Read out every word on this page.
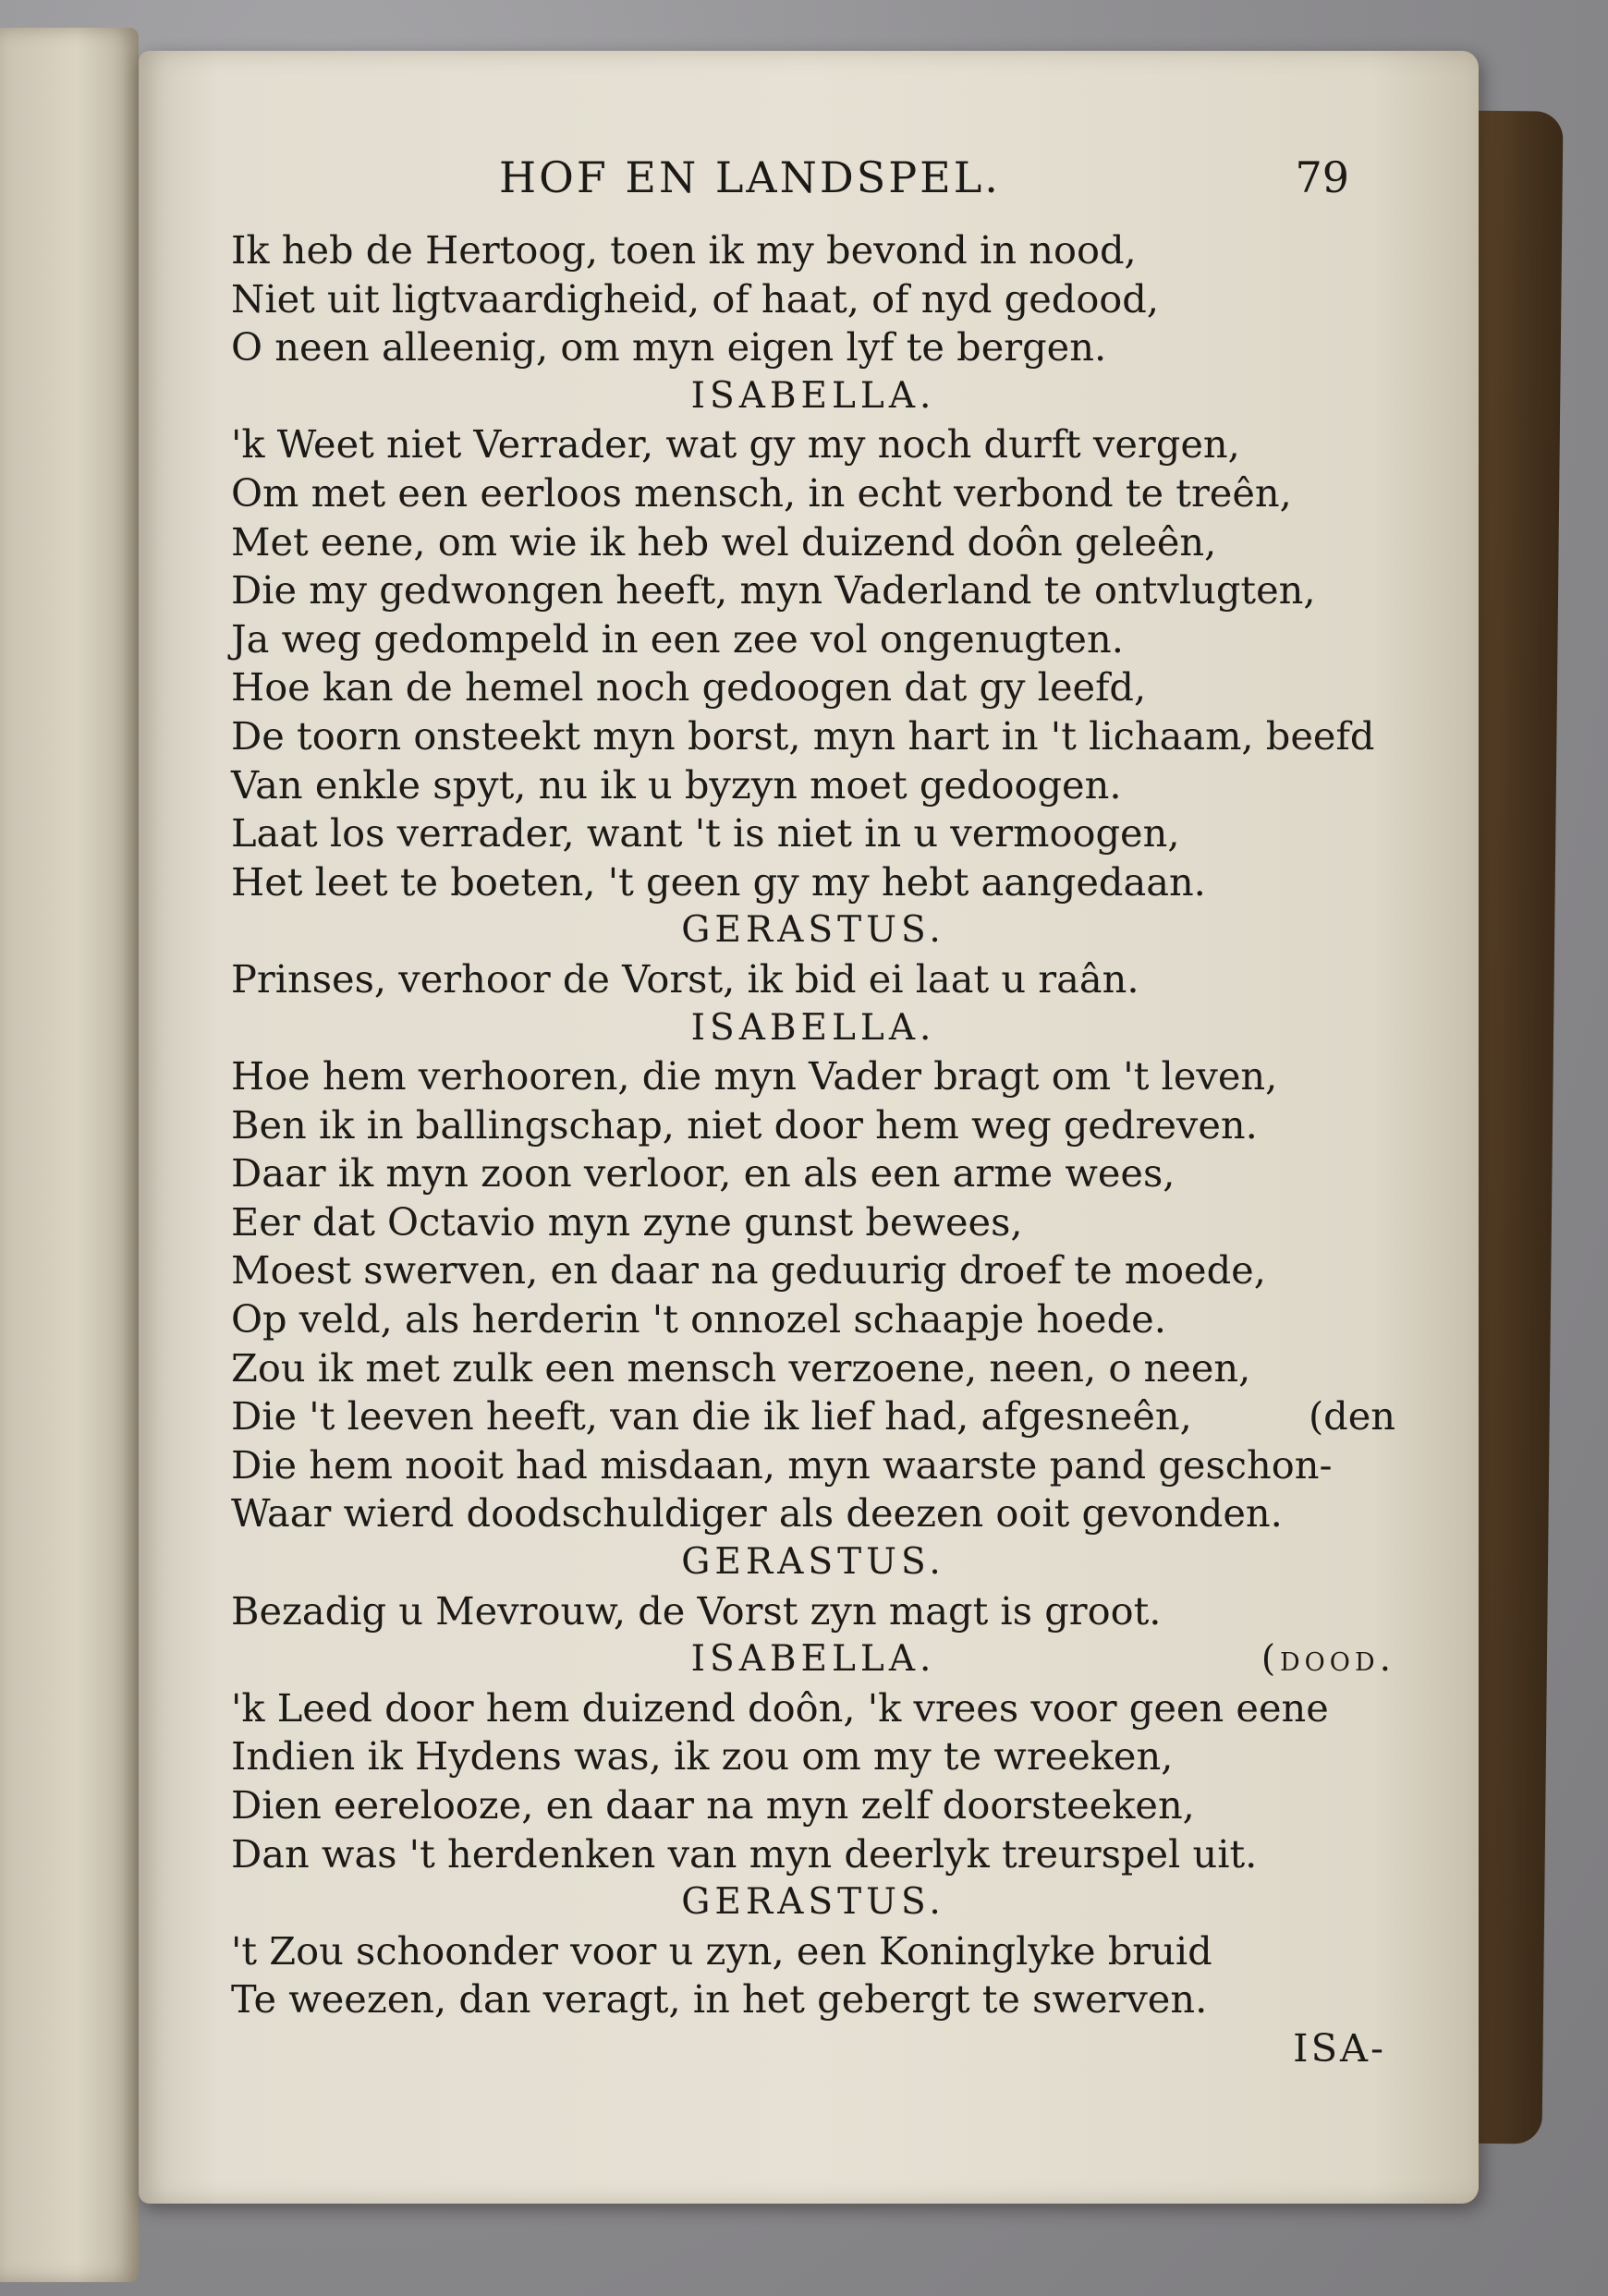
HOF EN LANDSPEL.	79
Ik heb de Hertoog, toen ik my bevond in nood,
Niet uit ligtvaardigheid, of haat, of nyd gedood,
O neen alleenig, om myn eigen lyf te bergen.
ISABELLA.
'k Weet niet Verrader, wat gy my noch durft vergen,
Om met een eerloos mensch, in echt verbond te treên,
Met eene, om wie ik heb wel duizend doôn geleên,
Die my gedwongen heeft, myn Vaderland te ontvlugten,
Ja weg gedompeld in een zee vol ongenugten.
Hoe kan de hemel noch gedoogen dat gy leefd,
De toorn onsteekt myn borst, myn hart in 't lichaam, beefd
Van enkle spyt, nu ik u byzyn moet gedoogen.
Laat los verrader, want 't is niet in u vermoogen,
Het leet te boeten, 't geen gy my hebt aangedaan.
GERASTUS.
Prinses, verhoor de Vorst, ik bid ei laat u raân.
ISABELLA.
Hoe hem verhooren, die myn Vader bragt om 't leven,
Ben ik in ballingschap, niet door hem weg gedreven.
Daar ik myn zoon verloor, en als een arme wees,
Eer dat Octavio myn zyne gunst bewees,
Moest swerven, en daar na geduurig droef te moede,
Op veld, als herderin 't onnozel schaapje hoede.
Zou ik met zulk een mensch verzoene, neen, o neen,
Die 't leeven heeft, van die ik lief had, afgesneên,	(den
Die hem nooit had misdaan, myn waarste pand geschon-
Waar wierd doodschuldiger als deezen ooit gevonden.
GERASTUS.
Bezadig u Mevrouw, de Vorst zyn magt is groot.
ISABELLA.	(dood.
'k Leed door hem duizend doôn, 'k vrees voor geen eene
Indien ik Hydens was, ik zou om my te wreeken,
Dien eerelooze, en daar na myn zelf doorsteeken,
Dan was 't herdenken van myn deerlyk treurspel uit.
GERASTUS.
't Zou schoonder voor u zyn, een Koninglyke bruid
Te weezen, dan veragt, in het gebergt te swerven.
ISA-
